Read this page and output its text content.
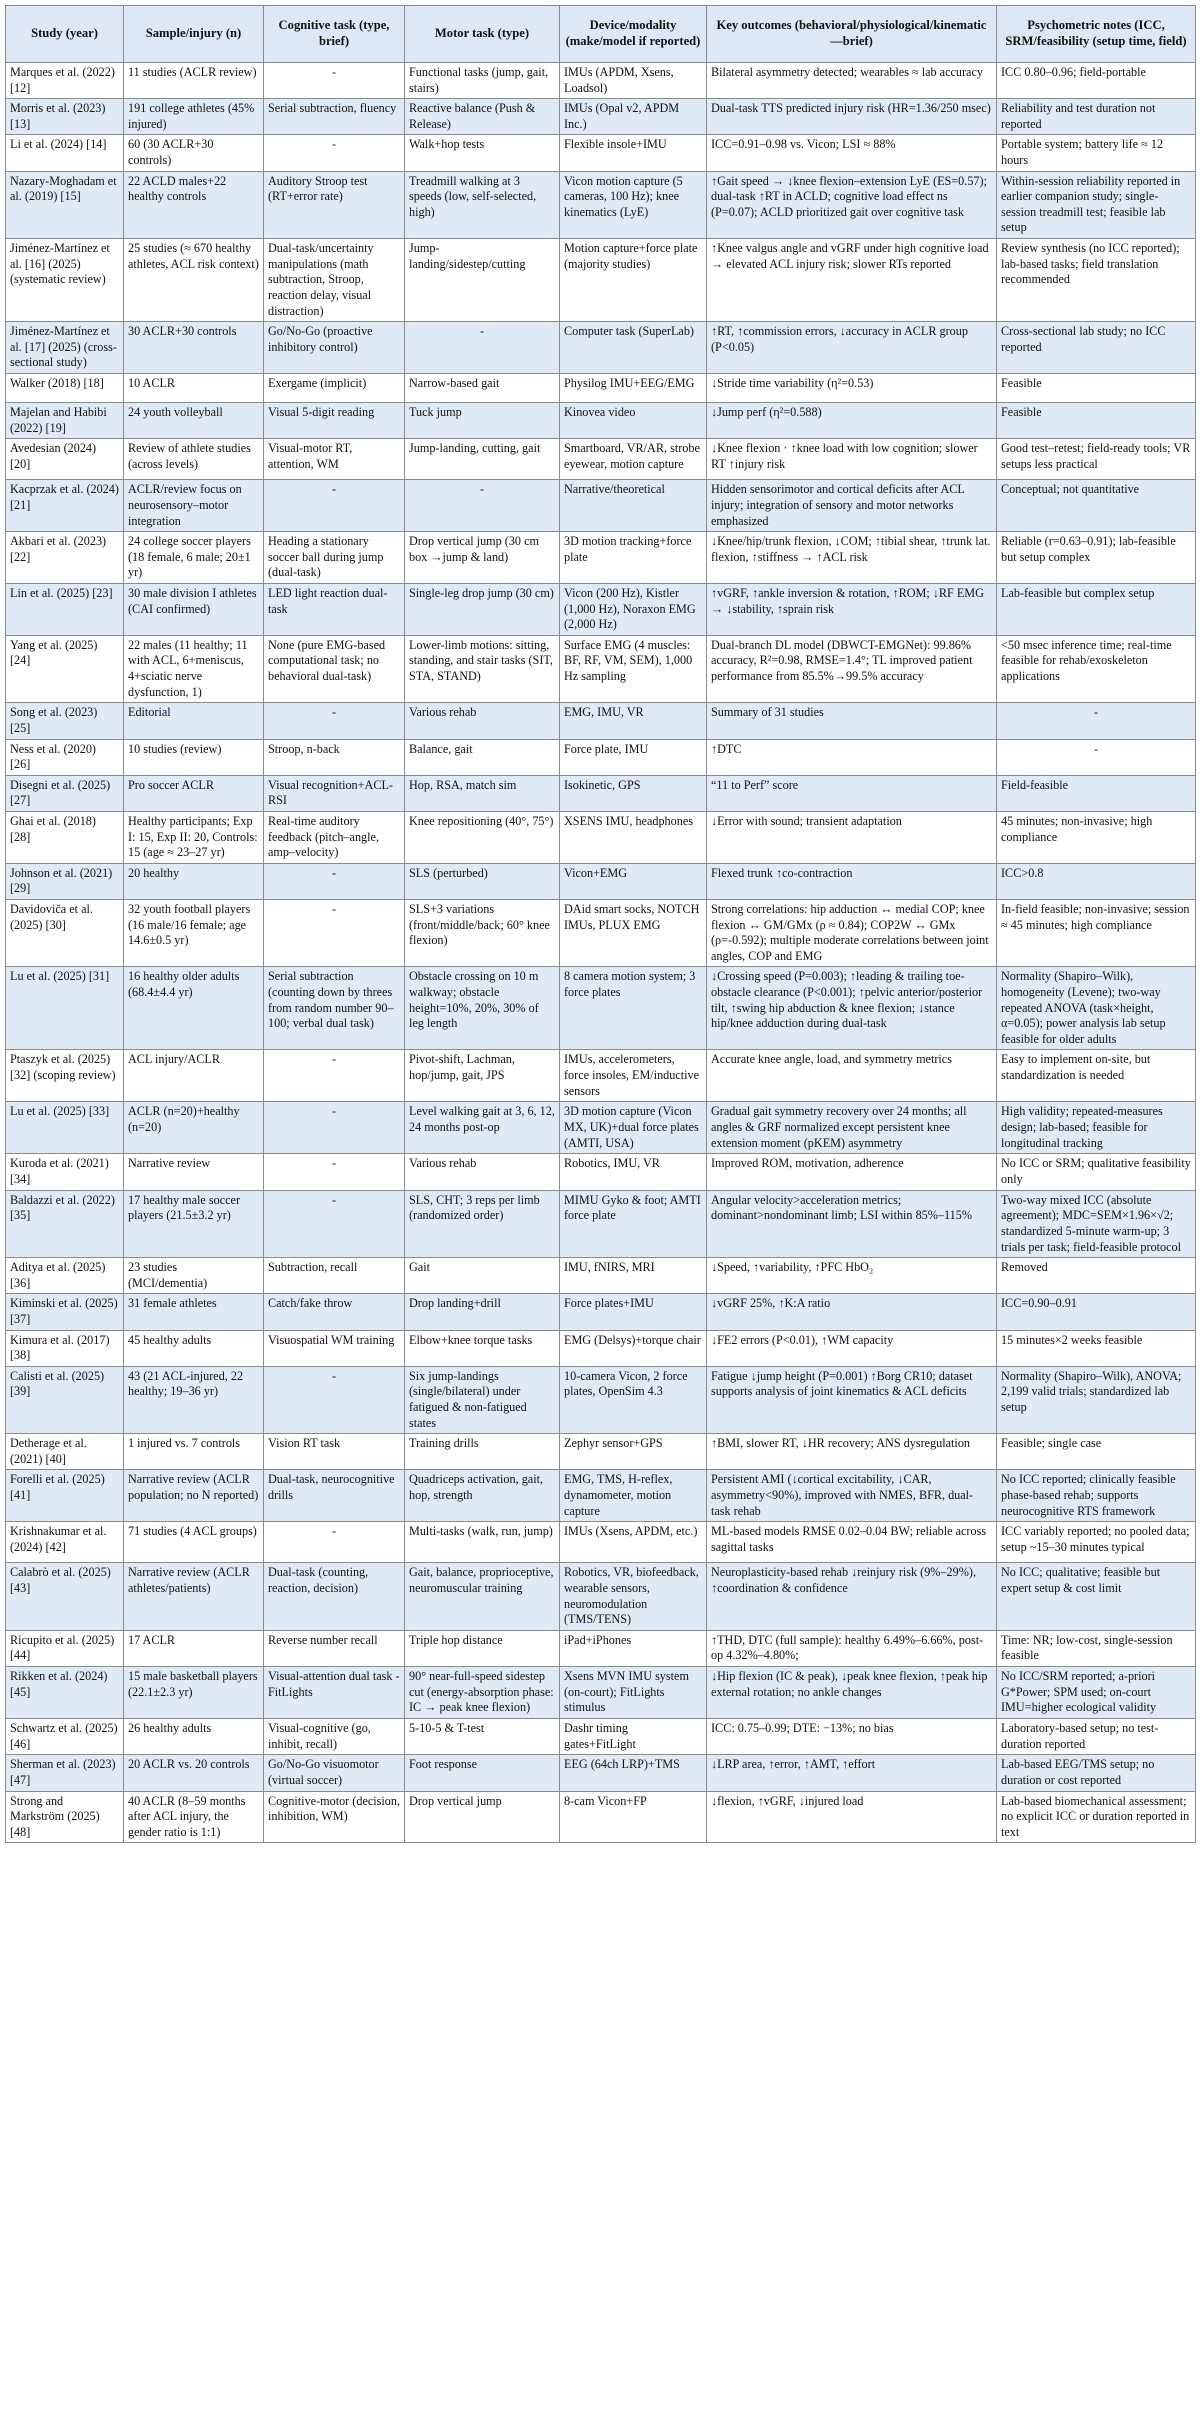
Study (year)	Sample/injury (n)	Cognitive task (type, brief)	Motor task (type)	Device/modality (make/model if reported)	Key outcomes (behavioral/physiological/kinematic—brief)	Psychometric notes (ICC, SRM/feasibility (setup time, field)
Marques et al. (2022) [12]	11 studies (ACLR review)	-	Functional tasks (jump, gait, stairs)	IMUs (APDM, Xsens, Loadsol)	Bilateral asymmetry detected; wearables ≈ lab accuracy	ICC 0.80–0.96; field-portable
Morris et al. (2023) [13]	191 college athletes (45% injured)	Serial subtraction, fluency	Reactive balance (Push & Release)	IMUs (Opal v2, APDM Inc.)	Dual-task TTS predicted injury risk (HR=1.36/250 msec)	Reliability and test duration not reported
Li et al. (2024) [14]	60 (30 ACLR+30 controls)	-	Walk+hop tests	Flexible insole+IMU	ICC=0.91–0.98 vs. Vicon; LSI ≈ 88%	Portable system; battery life ≈ 12 hours
Nazary-Moghadam et al. (2019) [15]	22 ACLD males+22 healthy controls	Auditory Stroop test (RT+error rate)	Treadmill walking at 3 speeds (low, self-selected, high)	Vicon motion capture (5 cameras, 100 Hz); knee kinematics (LyE)	↑Gait speed → ↓knee flexion–extension LyE (ES=0.57); dual-task ↑RT in ACLD; cognitive load effect ns (P=0.07); ACLD prioritized gait over cognitive task	Within-session reliability reported in earlier companion study; single-session treadmill test; feasible lab setup
Jiménez-Martínez et al. [16] (2025) (systematic review)	25 studies (≈ 670 healthy athletes, ACL risk context)	Dual-task/uncertainty manipulations (math subtraction, Stroop, reaction delay, visual distraction)	Jump-landing/sidestep/cutting	Motion capture+force plate (majority studies)	↑Knee valgus angle and vGRF under high cognitive load → elevated ACL injury risk; slower RTs reported	Review synthesis (no ICC reported); lab-based tasks; field translation recommended
Jiménez-Martínez et al. [17] (2025) (cross-sectional study)	30 ACLR+30 controls	Go/No-Go (proactive inhibitory control)	-	Computer task (SuperLab)	↑RT, ↑commission errors, ↓accuracy in ACLR group (P<0.05)	Cross-sectional lab study; no ICC reported
Walker (2018) [18]	10 ACLR	Exergame (implicit)	Narrow-based gait	Physilog IMU+EEG/EMG	↓Stride time variability (η²=0.53)	Feasible
Majelan and Habibi (2022) [19]	24 youth volleyball	Visual 5-digit reading	Tuck jump	Kinovea video	↓Jump perf (η²=0.588)	Feasible
Avedesian (2024) [20]	Review of athlete studies (across levels)	Visual-motor RT, attention, WM	Jump-landing, cutting, gait	Smartboard, VR/AR, strobe eyewear, motion capture	↓Knee flexion · ↑knee load with low cognition; slower RT ↑injury risk	Good test–retest; field-ready tools; VR setups less practical
Kacprzak et al. (2024) [21]	ACLR/review focus on neurosensory–motor integration	-	-	Narrative/theoretical	Hidden sensorimotor and cortical deficits after ACL injury; integration of sensory and motor networks emphasized	Conceptual; not quantitative
Akbari et al. (2023) [22]	24 college soccer players (18 female, 6 male; 20±1 yr)	Heading a stationary soccer ball during jump (dual-task)	Drop vertical jump (30 cm box →jump & land)	3D motion tracking+force plate	↓Knee/hip/trunk flexion, ↓COM; ↑tibial shear, ↑trunk lat. flexion, ↑stiffness → ↑ACL risk	Reliable (r=0.63–0.91); lab-feasible but setup complex
Lin et al. (2025) [23]	30 male division I athletes (CAI confirmed)	LED light reaction dual-task	Single-leg drop jump (30 cm)	Vicon (200 Hz), Kistler (1,000 Hz), Noraxon EMG (2,000 Hz)	↑vGRF, ↑ankle inversion & rotation, ↑ROM; ↓RF EMG → ↓stability, ↑sprain risk	Lab-feasible but complex setup
Yang et al. (2025) [24]	22 males (11 healthy; 11 with ACL, 6+meniscus, 4+sciatic nerve dysfunction, 1)	None (pure EMG-based computational task; no behavioral dual-task)	Lower-limb motions: sitting, standing, and stair tasks (SIT, STA, STAND)	Surface EMG (4 muscles: BF, RF, VM, SEM), 1,000 Hz sampling	Dual-branch DL model (DBWCT-EMGNet): 99.86% accuracy, R²=0.98, RMSE=1.4°; TL improved patient performance from 85.5%→99.5% accuracy	<50 msec inference time; real-time feasible for rehab/exoskeleton applications
Song et al. (2023) [25]	Editorial	-	Various rehab	EMG, IMU, VR	Summary of 31 studies	-
Ness et al. (2020) [26]	10 studies (review)	Stroop, n-back	Balance, gait	Force plate, IMU	↑DTC	-
Disegni et al. (2025) [27]	Pro soccer ACLR	Visual recognition+ACL-RSI	Hop, RSA, match sim	Isokinetic, GPS	“11 to Perf” score	Field-feasible
Ghai et al. (2018) [28]	Healthy participants; Exp I: 15, Exp II: 20, Controls: 15 (age ≈ 23–27 yr)	Real-time auditory feedback (pitch–angle, amp–velocity)	Knee repositioning (40°, 75°)	XSENS IMU, headphones	↓Error with sound; transient adaptation	45 minutes; non-invasive; high compliance
Johnson et al. (2021) [29]	20 healthy	-	SLS (perturbed)	Vicon+EMG	Flexed trunk ↑co-contraction	ICC>0.8
Davidoviča et al. (2025) [30]	32 youth football players (16 male/16 female; age 14.6±0.5 yr)	-	SLS+3 variations (front/middle/back; 60° knee flexion)	DAid smart socks, NOTCH IMUs, PLUX EMG	Strong correlations: hip adduction ↔ medial COP; knee flexion ↔ GM/GMx (ρ ≈ 0.84); COP2W ↔ GMx (ρ=-0.592); multiple moderate correlations between joint angles, COP and EMG	In-field feasible; non-invasive; session ≈ 45 minutes; high compliance
Lu et al. (2025) [31]	16 healthy older adults (68.4±4.4 yr)	Serial subtraction (counting down by threes from random number 90–100; verbal dual task)	Obstacle crossing on 10 m walkway; obstacle height=10%, 20%, 30% of leg length	8 camera motion system; 3 force plates	↓Crossing speed (P=0.003); ↑leading & trailing toe-obstacle clearance (P<0.001); ↑pelvic anterior/posterior tilt, ↑swing hip abduction & knee flexion; ↓stance hip/knee adduction during dual-task	Normality (Shapiro–Wilk), homogeneity (Levene); two-way repeated ANOVA (task×height, α=0.05); power analysis lab setup feasible for older adults
Ptaszyk et al. (2025) [32] (scoping review)	ACL injury/ACLR	-	Pivot-shift, Lachman, hop/jump, gait, JPS	IMUs, accelerometers, force insoles, EM/inductive sensors	Accurate knee angle, load, and symmetry metrics	Easy to implement on-site, but standardization is needed
Lu et al. (2025) [33]	ACLR (n=20)+healthy (n=20)	-	Level walking gait at 3, 6, 12, 24 months post-op	3D motion capture (Vicon MX, UK)+dual force plates (AMTI, USA)	Gradual gait symmetry recovery over 24 months; all angles & GRF normalized except persistent knee extension moment (pKEM) asymmetry	High validity; repeated-measures design; lab-based; feasible for longitudinal tracking
Kuroda et al. (2021) [34]	Narrative review	-	Various rehab	Robotics, IMU, VR	Improved ROM, motivation, adherence	No ICC or SRM; qualitative feasibility only
Baldazzi et al. (2022) [35]	17 healthy male soccer players (21.5±3.2 yr)	-	SLS, CHT; 3 reps per limb (randomized order)	MIMU Gyko & foot; AMTI force plate	Angular velocity>acceleration metrics; dominant>nondominant limb; LSI within 85%–115%	Two-way mixed ICC (absolute agreement); MDC=SEM×1.96×√2; standardized 5-minute warm-up; 3 trials per task; field-feasible protocol
Aditya et al. (2025) [36]	23 studies (MCI/dementia)	Subtraction, recall	Gait	IMU, fNIRS, MRI	↓Speed, ↑variability, ↑PFC HbO₂	Removed
Kiminski et al. (2025) [37]	31 female athletes	Catch/fake throw	Drop landing+drill	Force plates+IMU	↓vGRF 25%, ↑K:A ratio	ICC=0.90–0.91
Kimura et al. (2017) [38]	45 healthy adults	Visuospatial WM training	Elbow+knee torque tasks	EMG (Delsys)+torque chair	↓FE2 errors (P<0.01), ↑WM capacity	15 minutes×2 weeks feasible
Calisti et al. (2025) [39]	43 (21 ACL-injured, 22 healthy; 19–36 yr)	-	Six jump-landings (single/bilateral) under fatigued & non-fatigued states	10-camera Vicon, 2 force plates, OpenSim 4.3	Fatigue ↓jump height (P=0.001) ↑Borg CR10; dataset supports analysis of joint kinematics & ACL deficits	Normality (Shapiro–Wilk), ANOVA; 2,199 valid trials; standardized lab setup
Detherage et al. (2021) [40]	1 injured vs. 7 controls	Vision RT task	Training drills	Zephyr sensor+GPS	↑BMI, slower RT, ↓HR recovery; ANS dysregulation	Feasible; single case
Forelli et al. (2025) [41]	Narrative review (ACLR population; no N reported)	Dual-task, neurocognitive drills	Quadriceps activation, gait, hop, strength	EMG, TMS, H-reflex, dynamometer, motion capture	Persistent AMI (↓cortical excitability, ↓CAR, asymmetry<90%), improved with NMES, BFR, dual-task rehab	No ICC reported; clinically feasible phase-based rehab; supports neurocognitive RTS framework
Krishnakumar et al. (2024) [42]	71 studies (4 ACL groups)	-	Multi-tasks (walk, run, jump)	IMUs (Xsens, APDM, etc.)	ML-based models RMSE 0.02–0.04 BW; reliable across sagittal tasks	ICC variably reported; no pooled data; setup ~15–30 minutes typical
Calabrò et al. (2025) [43]	Narrative review (ACLR athletes/patients)	Dual-task (counting, reaction, decision)	Gait, balance, proprioceptive, neuromuscular training	Robotics, VR, biofeedback, wearable sensors, neuromodulation (TMS/TENS)	Neuroplasticity-based rehab ↓reinjury risk (9%–29%), ↑coordination & confidence	No ICC; qualitative; feasible but expert setup & cost limit
Ricupito et al. (2025) [44]	17 ACLR	Reverse number recall	Triple hop distance	iPad+iPhones	↑THD, DTC (full sample): healthy 6.49%–6.66%, post-op 4.32%–4.80%;	Time: NR; low-cost, single-session feasible
Rikken et al. (2024) [45]	15 male basketball players (22.1±2.3 yr)	Visual-attention dual task - FitLights	90° near-full-speed sidestep cut (energy-absorption phase: IC → peak knee flexion)	Xsens MVN IMU system (on-court); FitLights stimulus	↓Hip flexion (IC & peak), ↓peak knee flexion, ↑peak hip external rotation; no ankle changes	No ICC/SRM reported; a-priori G*Power; SPM used; on-court IMU=higher ecological validity
Schwartz et al. (2025) [46]	26 healthy adults	Visual-cognitive (go, inhibit, recall)	5-10-5 & T-test	Dashr timing gates+FitLight	ICC: 0.75–0.99; DTE: −13%; no bias	Laboratory-based setup; no test-duration reported
Sherman et al. (2023) [47]	20 ACLR vs. 20 controls	Go/No-Go visuomotor (virtual soccer)	Foot response	EEG (64ch LRP)+TMS	↓LRP area, ↑error, ↑AMT, ↑effort	Lab-based EEG/TMS setup; no duration or cost reported
Strong and Markström (2025) [48]	40 ACLR (8–59 months after ACL injury, the gender ratio is 1:1)	Cognitive-motor (decision, inhibition, WM)	Drop vertical jump	8-cam Vicon+FP	↓flexion, ↑vGRF, ↓injured load	Lab-based biomechanical assessment; no explicit ICC or duration reported in text
